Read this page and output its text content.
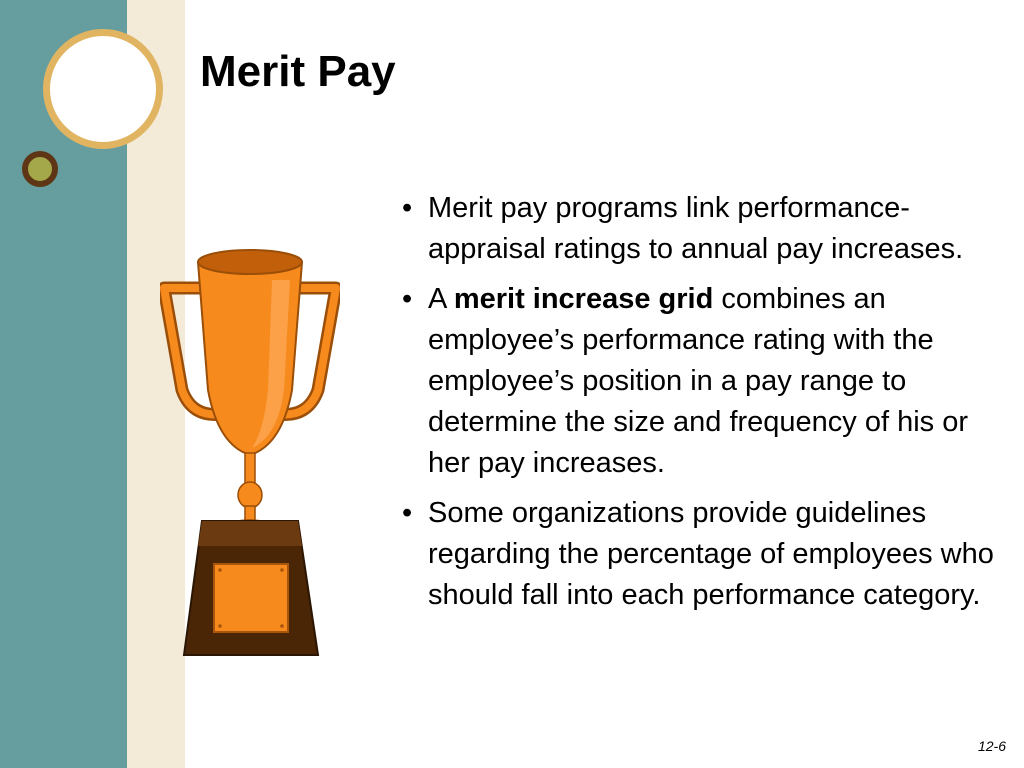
Merit Pay
• Merit pay programs link performance-appraisal ratings to annual pay increases.
• A merit increase grid combines an employee’s performance rating with the employee’s position in a pay range to determine the size and frequency of his or her pay increases.
• Some organizations provide guidelines regarding the percentage of employees who should fall into each performance category.
12-6
